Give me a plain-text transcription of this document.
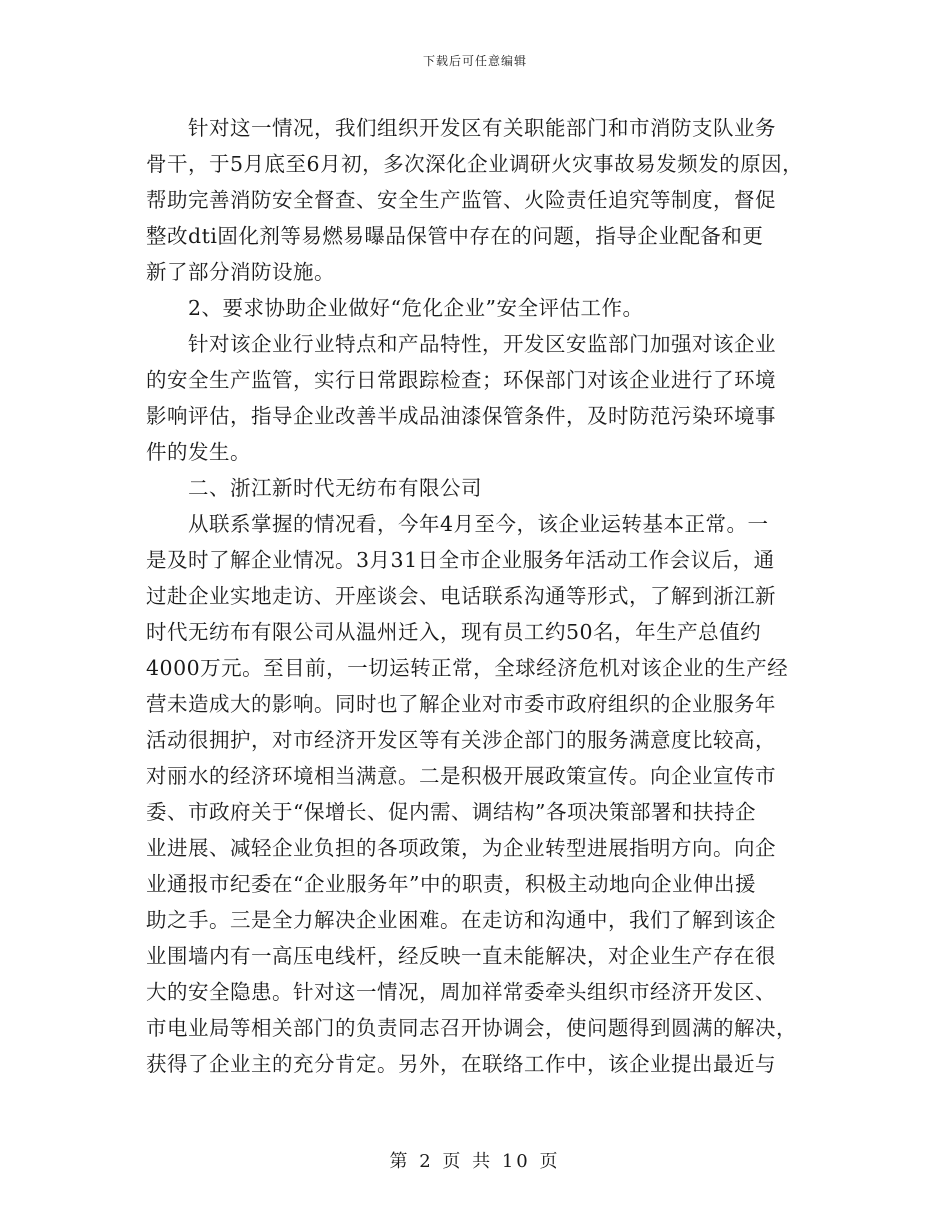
下载后可任意编辑
针对这一情况，我们组织开发区有关职能部门和市消防支队业务
骨干，于5月底至6月初，多次深化企业调研火灾事故易发频发的原因，
帮助完善消防安全督查、安全生产监管、火险责任追究等制度，督促
整改dti固化剂等易燃易曝品保管中存在的问题，指导企业配备和更
新了部分消防设施。
2、要求协助企业做好“危化企业”安全评估工作。
针对该企业行业特点和产品特性，开发区安监部门加强对该企业
的安全生产监管，实行日常跟踪检查；环保部门对该企业进行了环境
影响评估，指导企业改善半成品油漆保管条件，及时防范污染环境事
件的发生。
二、浙江新时代无纺布有限公司
从联系掌握的情况看，今年4月至今，该企业运转基本正常。一
是及时了解企业情况。3月31日全市企业服务年活动工作会议后，通
过赴企业实地走访、开座谈会、电话联系沟通等形式，了解到浙江新
时代无纺布有限公司从温州迁入，现有员工约50名，年生产总值约
4000万元。至目前，一切运转正常，全球经济危机对该企业的生产经
营未造成大的影响。同时也了解企业对市委市政府组织的企业服务年
活动很拥护，对市经济开发区等有关涉企部门的服务满意度比较高，
对丽水的经济环境相当满意。二是积极开展政策宣传。向企业宣传市
委、市政府关于“保增长、促内需、调结构”各项决策部署和扶持企
业进展、减轻企业负担的各项政策，为企业转型进展指明方向。向企
业通报市纪委在“企业服务年”中的职责，积极主动地向企业伸出援
助之手。三是全力解决企业困难。在走访和沟通中，我们了解到该企
业围墙内有一高压电线杆，经反映一直未能解决，对企业生产存在很
大的安全隐患。针对这一情况，周加祥常委牵头组织市经济开发区、
市电业局等相关部门的负责同志召开协调会，使问题得到圆满的解决，
获得了企业主的充分肯定。另外，在联络工作中，该企业提出最近与
第 2 页 共 10 页
